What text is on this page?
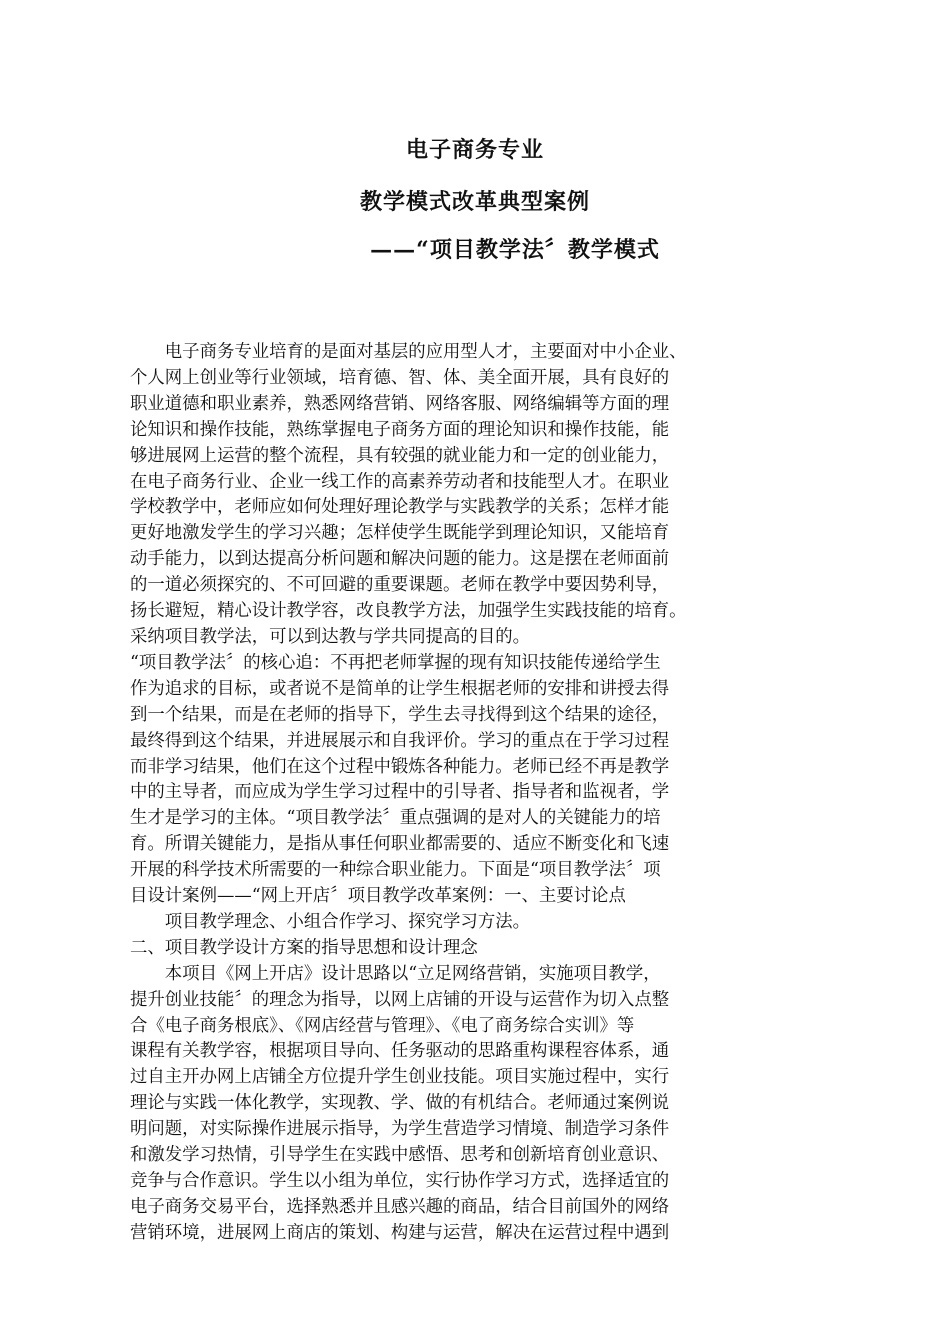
电子商务专业
教学模式改革典型案例
——“项目教学法〞教学模式
　　电子商务专业培育的是面对基层的应用型人才，主要面对中小企业、
个人网上创业等行业领域，培育德、智、体、美全面开展，具有良好的
职业道德和职业素养，熟悉网络营销、网络客服、网络编辑等方面的理
论知识和操作技能，熟练掌握电子商务方面的理论知识和操作技能，能
够进展网上运营的整个流程，具有较强的就业能力和一定的创业能力，
在电子商务行业、企业一线工作的高素养劳动者和技能型人才。在职业
学校教学中，老师应如何处理好理论教学与实践教学的关系；怎样才能
更好地激发学生的学习兴趣；怎样使学生既能学到理论知识，又能培育
动手能力，以到达提高分析问题和解决问题的能力。这是摆在老师面前
的一道必须探究的、不可回避的重要课题。老师在教学中要因势利导，
扬长避短，精心设计教学容，改良教学方法，加强学生实践技能的培育。
采纳项目教学法，可以到达教与学共同提高的目的。
“项目教学法〞的核心追：不再把老师掌握的现有知识技能传递给学生
作为追求的目标，或者说不是简单的让学生根据老师的安排和讲授去得
到一个结果，而是在老师的指导下，学生去寻找得到这个结果的途径，
最终得到这个结果，并进展展示和自我评价。学习的重点在于学习过程
而非学习结果，他们在这个过程中锻炼各种能力。老师已经不再是教学
中的主导者，而应成为学生学习过程中的引导者、指导者和监视者，学
生才是学习的主体。“项目教学法〞重点强调的是对人的关键能力的培
育。所谓关键能力，是指从事任何职业都需要的、适应不断变化和飞速
开展的科学技术所需要的一种综合职业能力。下面是“项目教学法〞项
目设计案例——“网上开店〞项目教学改革案例：一、主要讨论点
　　项目教学理念、小组合作学习、探究学习方法。
二、项目教学设计方案的指导思想和设计理念
　　本项目《网上开店》设计思路以“立足网络营销，实施项目教学，
提升创业技能〞的理念为指导，以网上店铺的开设与运营作为切入点整
合《电子商务根底》、《网店经营与管理》、《电了商务综合实训》等
课程有关教学容，根据项目导向、任务驱动的思路重构课程容体系，通
过自主开办网上店铺全方位提升学生创业技能。项目实施过程中，实行
理论与实践一体化教学，实现教、学、做的有机结合。老师通过案例说
明问题，对实际操作进展示指导，为学生营造学习情境、制造学习条件
和激发学习热情，引导学生在实践中感悟、思考和创新培育创业意识、
竞争与合作意识。学生以小组为单位，实行协作学习方式，选择适宜的
电子商务交易平台，选择熟悉并且感兴趣的商品，结合目前国外的网络
营销环境，进展网上商店的策划、构建与运营，解决在运营过程中遇到
